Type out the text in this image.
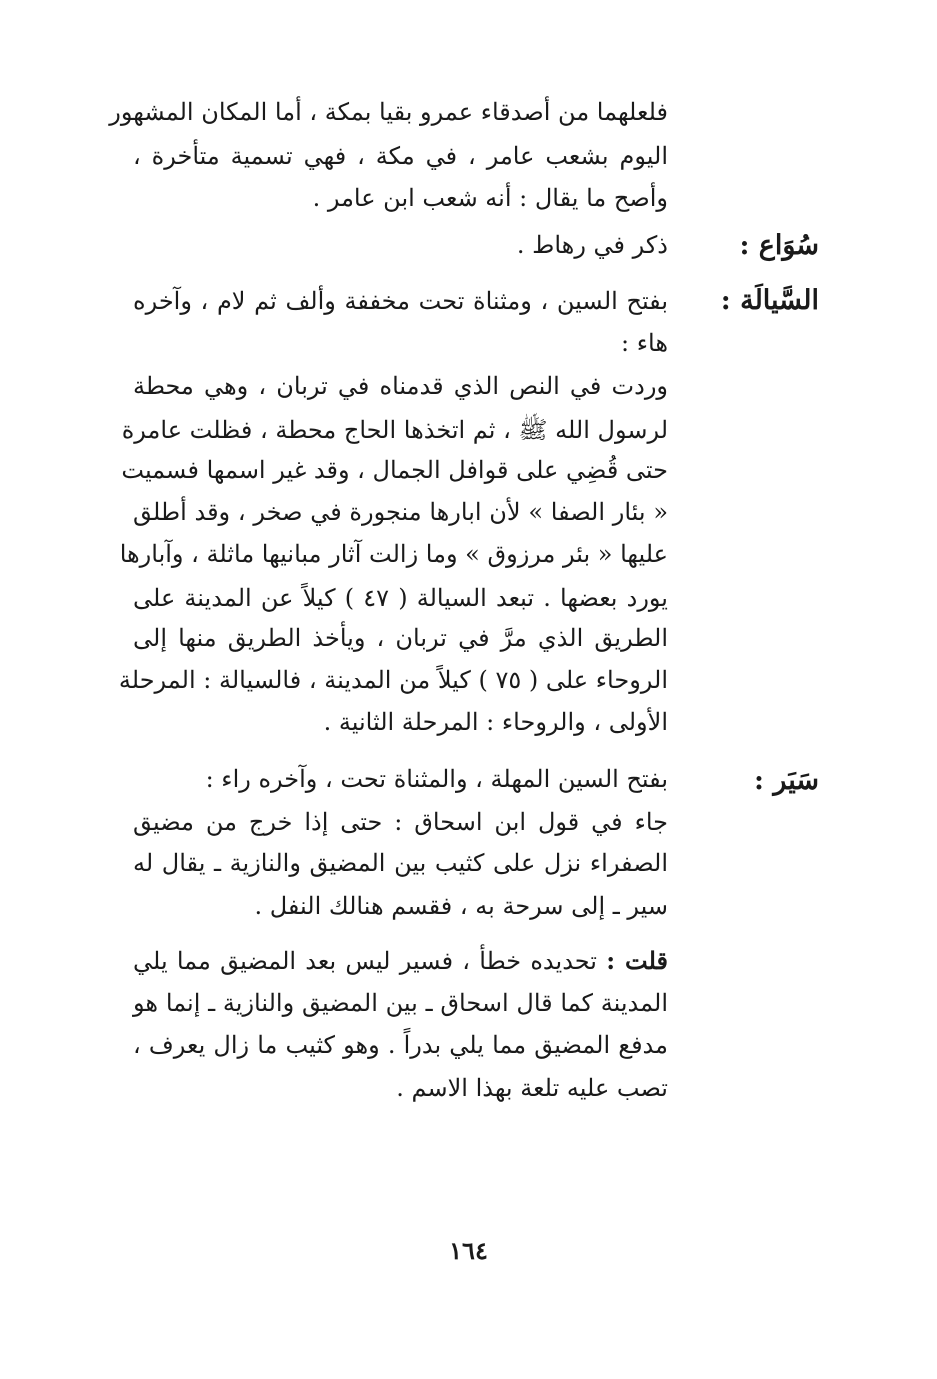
فلعلهما من أصدقاء عمرو بقيا بمكة ، أما المكان المشهور
اليوم بشعب عامر ، في مكة ، فهي تسمية متأخرة ،
وأصح ما يقال : أنه شعب ابن عامر .
سُوَاع :
ذكر في رهاط .
السَّيالَة :
بفتح السين ، ومثناة تحت مخففة وألف ثم لام ، وآخره
هاء :
وردت في النص الذي قدمناه في تربان ، وهي محطة
لرسول الله ﷺ ، ثم اتخذها الحاج محطة ، فظلت عامرة
حتى قُضِي على قوافل الجمال ، وقد غير اسمها فسميت
« بئار الصفا » لأن ابارها منجورة في صخر ، وقد أطلق
عليها « بئر مرزوق » وما زالت آثار مبانيها ماثلة ، وآبارها
يورد بعضها . تبعد السيالة ( ٤٧ ) كيلاً عن المدينة على
الطريق الذي مرَّ في تربان ، ويأخذ الطريق منها إلى
الروحاء على ( ٧٥ ) كيلاً من المدينة ، فالسيالة : المرحلة
الأولى ، والروحاء : المرحلة الثانية .
سَيَر :
بفتح السين المهلة ، والمثناة تحت ، وآخره راء :
جاء في قول ابن اسحاق : حتى إذا خرج من مضيق
الصفراء نزل على كثيب بين المضيق والنازية ـ يقال له
سير ـ إلى سرحة به ، فقسم هنالك النفل .
قلت : تحديده خطأ ، فسير ليس بعد المضيق مما يلي
المدينة كما قال اسحاق ـ بين المضيق والنازية ـ إنما هو
مدفع المضيق مما يلي بدراً . وهو كثيب ما زال يعرف ،
تصب عليه تلعة بهذا الاسم .
١٦٤
